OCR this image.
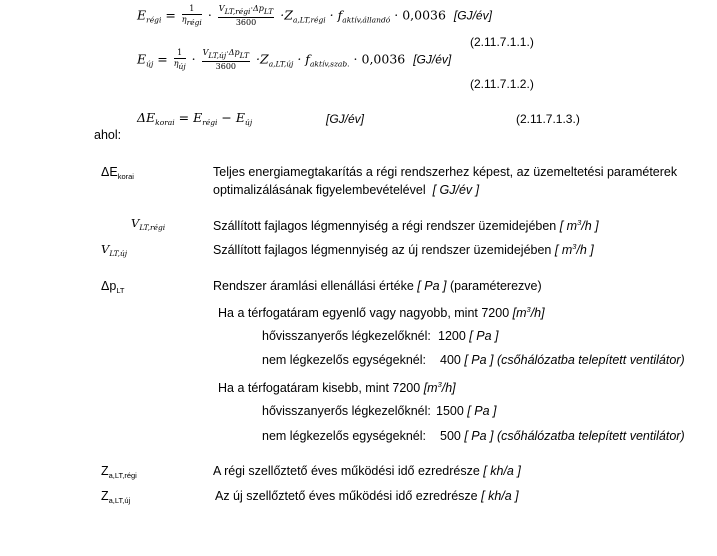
$E_{régi} = \frac{1}{\eta_{régi}} \cdot \frac{V_{LT,régi}\cdot\Delta p_{LT}}{3600} \cdot Z_{a,LT,régi} \cdot f_{aktív,állandó} \cdot 0,0036$ [GJ/év]
(2.11.7.1.1.)
$E_{új} = \frac{1}{\eta_{új}} \cdot \frac{V_{LT,új}\cdot\Delta p_{LT}}{3600} \cdot Z_{a,LT,új} \cdot f_{aktív,szab.} \cdot 0,0036$ [GJ/év]
(2.11.7.1.2.)
$\Delta E_{korai} = E_{régi} - E_{új}$	[GJ/év]	(2.11.7.1.3.)
ahol:
$\Delta E_{korai}$	Teljes energiamegtakarítás a régi rendszerhez képest, az üzemeltetési paraméterek
optimalizálásának figyelembevételével [ GJ/év ]
$V_{LT,régi}$	Szállított fajlagos légmennyiség a régi rendszer üzemidejében [ $m^3/h$ ]
$V_{LT,új}$	Szállított fajlagos légmennyiség az új rendszer üzemidejében [ $m^3/h$ ]
$\Delta p_{LT}$	Rendszer áramlási ellenállási értéke [ Pa ] (paraméterezve)
Ha a térfogatáram egyenlő vagy nagyobb, mint 7200 $[m^3/h]$
hővisszanyerős légkezelőknél: 1200 [ Pa ]
nem légkezelős egységeknél: 400 [ Pa ] (csőhálózatba telepített ventilátor)
Ha a térfogatáram kisebb, mint 7200 $[m^3/h]$
hővisszanyerős légkezelőknél: 1500 [ Pa ]
nem légkezelős egységeknél: 500 [ Pa ] (csőhálózatba telepített ventilátor)
$Z_{a,LT,régi}$	A régi szellőztető éves működési idő ezredrésze [ kh/a ]
$Z_{a,LT,új}$	Az új szellőztető éves működési idő ezredrésze [ kh/a ]
